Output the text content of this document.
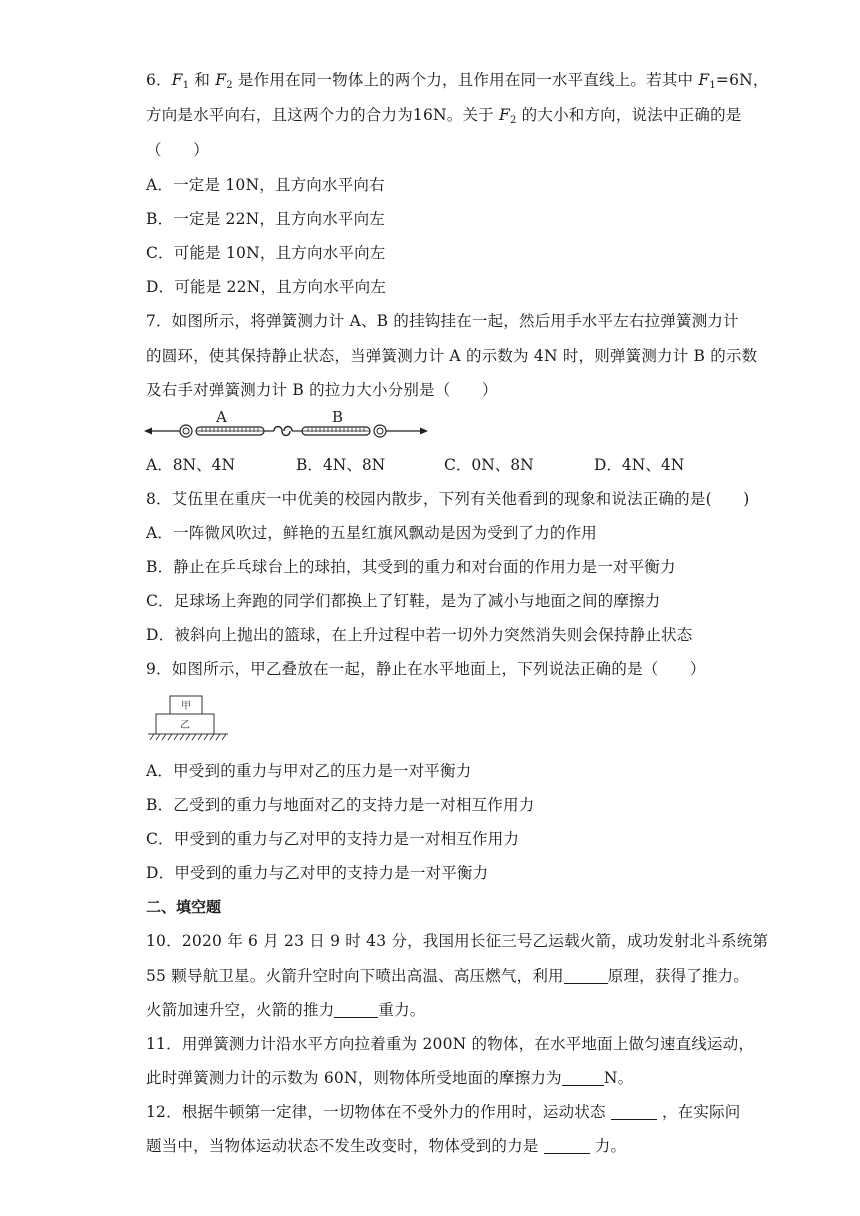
6．$F_1$ 和 $F_2$ 是作用在同一物体上的两个力，且作用在同一水平直线上。若其中 $F_1=6N$，
方向是水平向右，且这两个力的合力为16N。关于 $F_2$ 的大小和方向，说法中正确的是
（　　）
A．一定是 10N，且方向水平向右
B．一定是 22N，且方向水平向左
C．可能是 10N，且方向水平向左
D．可能是 22N，且方向水平向左
7．如图所示，将弹簧测力计 A、B 的挂钩挂在一起，然后用手水平左右拉弹簧测力计
的圆环，使其保持静止状态，当弹簧测力计 A 的示数为 4N 时，则弹簧测力计 B 的示数
及右手对弹簧测力计 B 的拉力大小分别是（　　）
A	B
A．8N、4N	B．4N、8N	C．0N、8N	D．4N、4N
8．艾伍里在重庆一中优美的校园内散步，下列有关他看到的现象和说法正确的是(　　)
A．一阵微风吹过，鲜艳的五星红旗风飘动是因为受到了力的作用
B．静止在乒乓球台上的球拍，其受到的重力和对台面的作用力是一对平衡力
C．足球场上奔跑的同学们都换上了钉鞋，是为了减小与地面之间的摩擦力
D．被斜向上抛出的篮球，在上升过程中若一切外力突然消失则会保持静止状态
9．如图所示，甲乙叠放在一起，静止在水平地面上，下列说法正确的是（　　）
甲
乙
A．甲受到的重力与甲对乙的压力是一对平衡力
B．乙受到的重力与地面对乙的支持力是一对相互作用力
C．甲受到的重力与乙对甲的支持力是一对相互作用力
D．甲受到的重力与乙对甲的支持力是一对平衡力
二、填空题
10．2020 年 6 月 23 日 9 时 43 分，我国用长征三号乙运载火箭，成功发射北斗系统第
55 颗导航卫星。火箭升空时向下喷出高温、高压燃气，利用	原理，获得了推力。
火箭加速升空，火箭的推力	重力。
11．用弹簧测力计沿水平方向拉着重为 200N 的物体，在水平地面上做匀速直线运动，
此时弹簧测力计的示数为 60N，则物体所受地面的摩擦力为	N。
12．根据牛顿第一定律，一切物体在不受外力的作用时，运动状态	，在实际问
题当中，当物体运动状态不发生改变时，物体受到的力是	力。
